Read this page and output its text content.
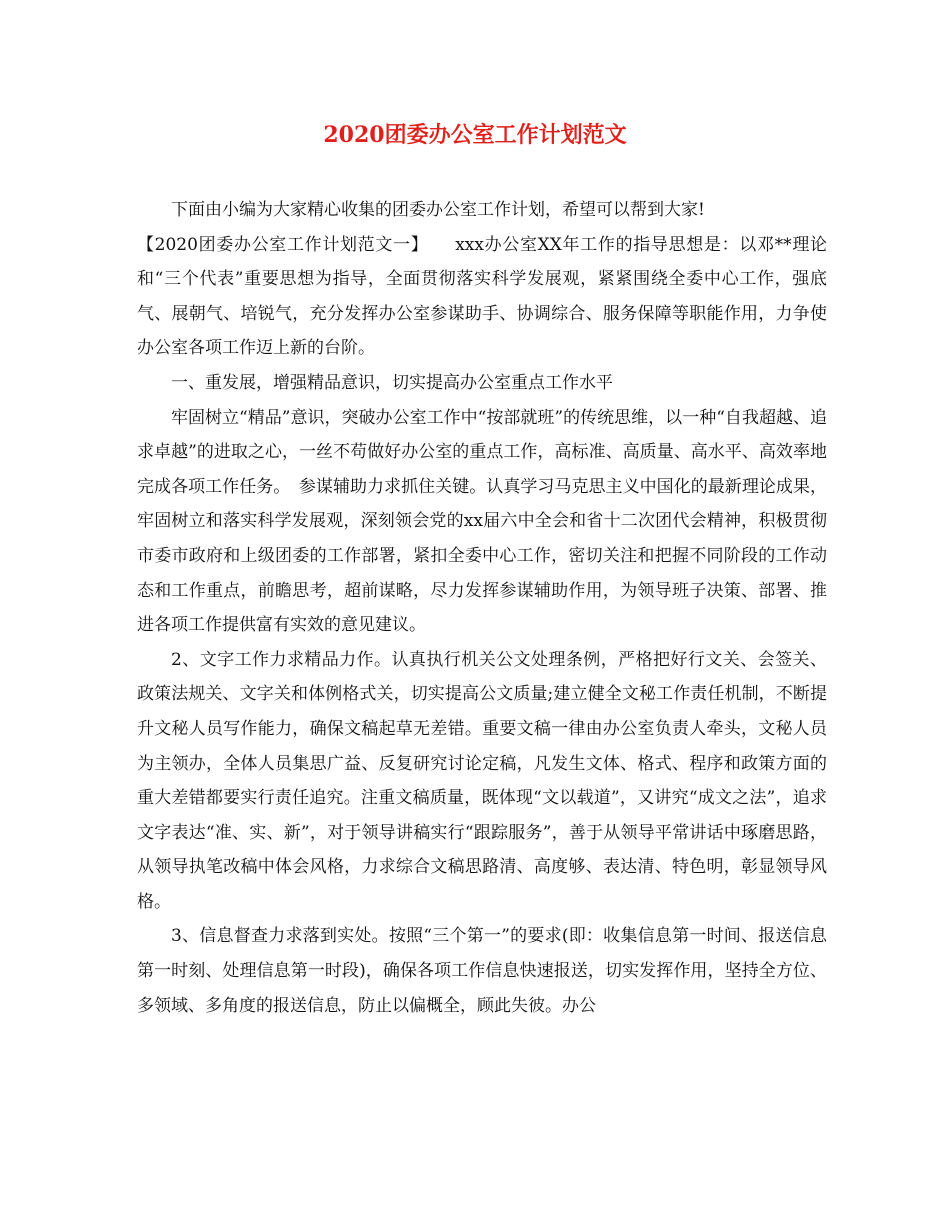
2020团委办公室工作计划范文

下面由小编为大家精心收集的团委办公室工作计划，希望可以帮到大家!

【2020团委办公室工作计划范文一】　　xxx办公室XX年工作的指导思想是：以邓**理论和“三个代表”重要思想为指导，全面贯彻落实科学发展观，紧紧围绕全委中心工作，强底气、展朝气、培锐气，充分发挥办公室参谋助手、协调综合、服务保障等职能作用，力争使办公室各项工作迈上新的台阶。

一、重发展，增强精品意识，切实提高办公室重点工作水平

牢固树立“精品”意识，突破办公室工作中“按部就班”的传统思维，以一种“自我超越、追求卓越”的进取之心，一丝不苟做好办公室的重点工作，高标准、高质量、高水平、高效率地完成各项工作任务。　参谋辅助力求抓住关键。认真学习马克思主义中国化的最新理论成果，牢固树立和落实科学发展观，深刻领会党的xx届六中全会和省十二次团代会精神，积极贯彻市委市政府和上级团委的工作部署，紧扣全委中心工作，密切关注和把握不同阶段的工作动态和工作重点，前瞻思考，超前谋略，尽力发挥参谋辅助作用，为领导班子决策、部署、推进各项工作提供富有实效的意见建议。

2、文字工作力求精品力作。认真执行机关公文处理条例，严格把好行文关、会签关、政策法规关、文字关和体例格式关，切实提高公文质量;建立健全文秘工作责任机制，不断提升文秘人员写作能力，确保文稿起草无差错。重要文稿一律由办公室负责人牵头，文秘人员为主领办，全体人员集思广益、反复研究讨论定稿，凡发生文体、格式、程序和政策方面的重大差错都要实行责任追究。注重文稿质量，既体现“文以载道”，又讲究“成文之法”，追求文字表达“准、实、新”，对于领导讲稿实行“跟踪服务”，善于从领导平常讲话中琢磨思路，从领导执笔改稿中体会风格，力求综合文稿思路清、高度够、表达清、特色明，彰显领导风格。

3、信息督查力求落到实处。按照“三个第一”的要求(即：收集信息第一时间、报送信息第一时刻、处理信息第一时段)，确保各项工作信息快速报送，切实发挥作用，坚持全方位、多领域、多角度的报送信息，防止以偏概全，顾此失彼。办公
